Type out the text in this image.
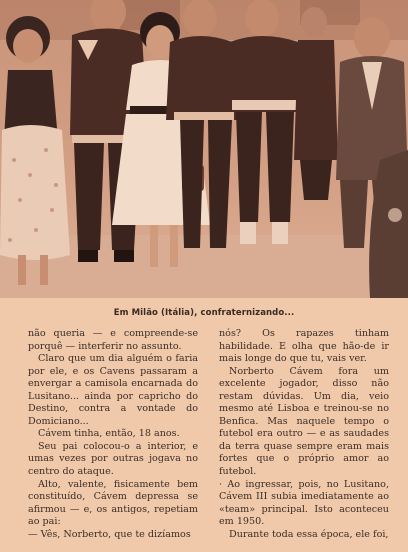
Em Milão (Itália), confraternizando...

não queria — e compreende-se porquê — interferir no assunto.

Claro que um dia alguém o faria por ele, e os Cavens passaram a envergar a camisola encarnada do Lusitano... ainda por capricho do Destino, contra a vontade do Domiciano...

Cávem tinha, então, 18 anos.

Seu pai colocou-o a interior, e umas vezes por outras jogava no centro do ataque.

Alto, valente, fisicamente bem constituído, Cávem depressa se afirmou — e, os antigos, repetiam ao pai:

— Vês, Norberto, que te dizíamos

nós? Os rapazes tinham habilidade. E olha que hão-de ir mais longe do que tu, vais ver.

Norberto Cávem fora um excelente jogador, disso não restam dúvidas. Um dia, veio mesmo até Lisboa e treinou-se no Benfica. Mas naquele tempo o futebol era outro — e as saudades da terra quase sempre eram mais fortes que o próprio amor ao futebol.

· Ao ingressar, pois, no Lusitano, Cávem III subia imediatamente ao «team» principal. Isto aconteceu em 1950.

Durante toda essa época, ele foi,
